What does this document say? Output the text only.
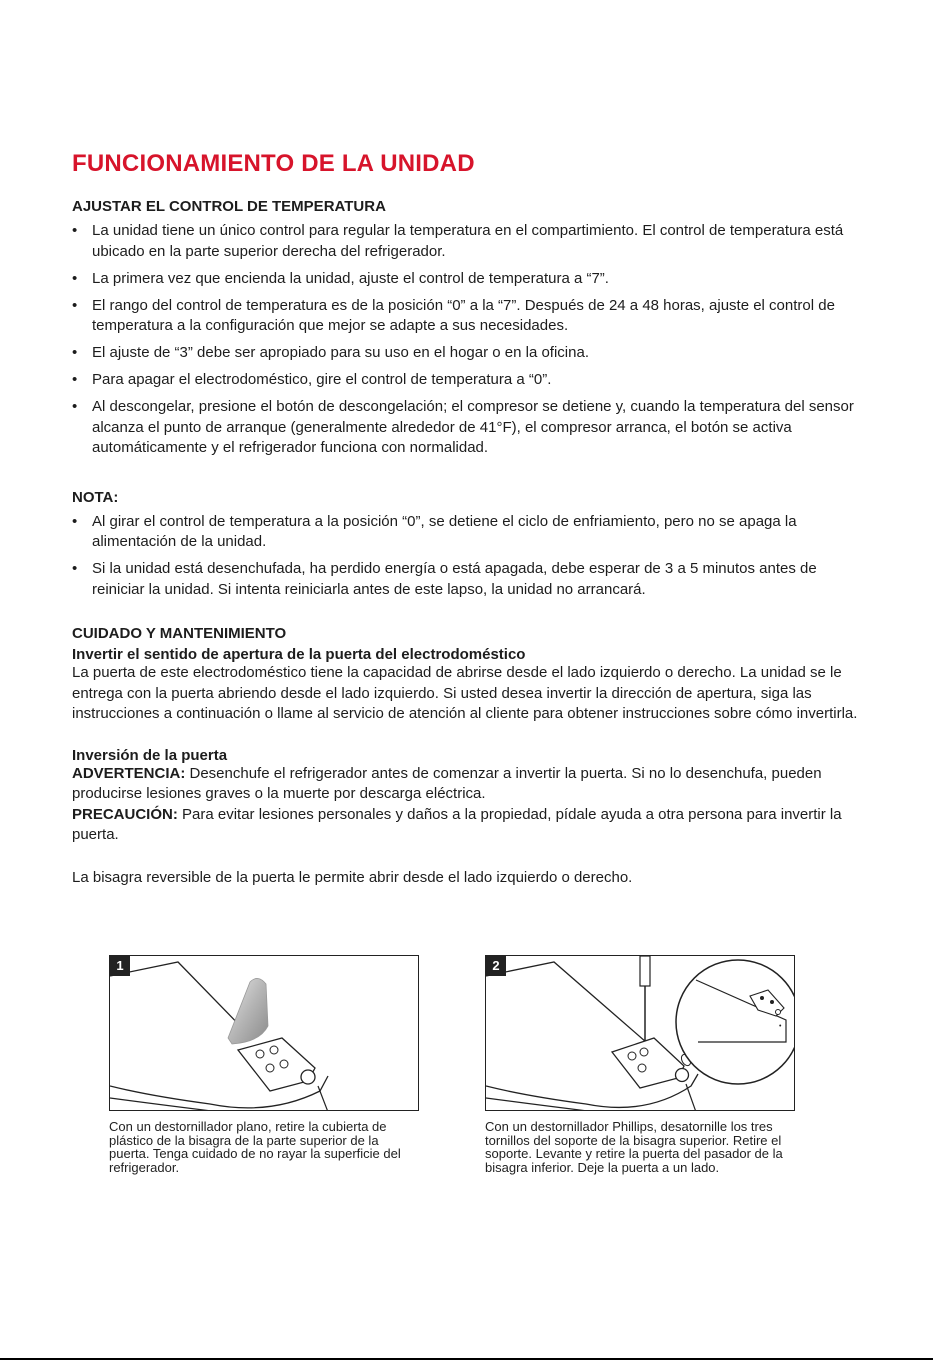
FUNCIONAMIENTO DE LA UNIDAD
AJUSTAR EL CONTROL DE TEMPERATURA
• La unidad tiene un único control para regular la temperatura en el compartimiento. El control de temperatura está ubicado en la parte superior derecha del refrigerador.
• La primera vez que encienda la unidad, ajuste el control de temperatura a “7”.
• El rango del control de temperatura es de la posición “0” a la “7”. Después de 24 a 48 horas, ajuste el control de temperatura a la configuración que mejor se adapte a sus necesidades.
• El ajuste de “3” debe ser apropiado para su uso en el hogar o en la oficina.
• Para apagar el electrodoméstico, gire el control de temperatura a “0”.
• Al descongelar, presione el botón de descongelación; el compresor se detiene y, cuando la temperatura del sensor alcanza el punto de arranque (generalmente alrededor de 41°F), el compresor arranca, el botón se activa automáticamente y el refrigerador funciona con normalidad.
NOTA:
• Al girar el control de temperatura a la posición “0”, se detiene el ciclo de enfriamiento, pero no se apaga la alimentación de la unidad.
• Si la unidad está desenchufada, ha perdido energía o está apagada, debe esperar de 3 a 5 minutos antes de reiniciar la unidad. Si intenta reiniciarla antes de este lapso, la unidad no arrancará.
CUIDADO Y MANTENIMIENTO
Invertir el sentido de apertura de la puerta del electrodoméstico

La puerta de este electrodoméstico tiene la capacidad de abrirse desde el lado izquierdo o derecho. La unidad se le entrega con la puerta abriendo desde el lado izquierdo. Si usted desea invertir la dirección de apertura, siga las instrucciones a continuación o llame al servicio de atención al cliente para obtener instrucciones sobre cómo invertirla.

Inversión de la puerta

ADVERTENCIA: Desenchufe el refrigerador antes de comenzar a invertir la puerta. Si no lo desenchufa, pueden producirse lesiones graves o la muerte por descarga eléctrica.

PRECAUCIÓN: Para evitar lesiones personales y daños a la propiedad, pídale ayuda a otra persona para invertir la puerta.

La bisagra reversible de la puerta le permite abrir desde el lado izquierdo o derecho.

1
Con un destornillador plano, retire la cubierta de plástico de la bisagra de la parte superior de la puerta. Tenga cuidado de no rayar la superficie del refrigerador.
•
2
Con un destornillador Phillips, desatornille los tres tornillos del soporte de la bisagra superior. Retire el soporte. Levante y retire la puerta del pasador de la bisagra inferior. Deje la puerta a un lado.
